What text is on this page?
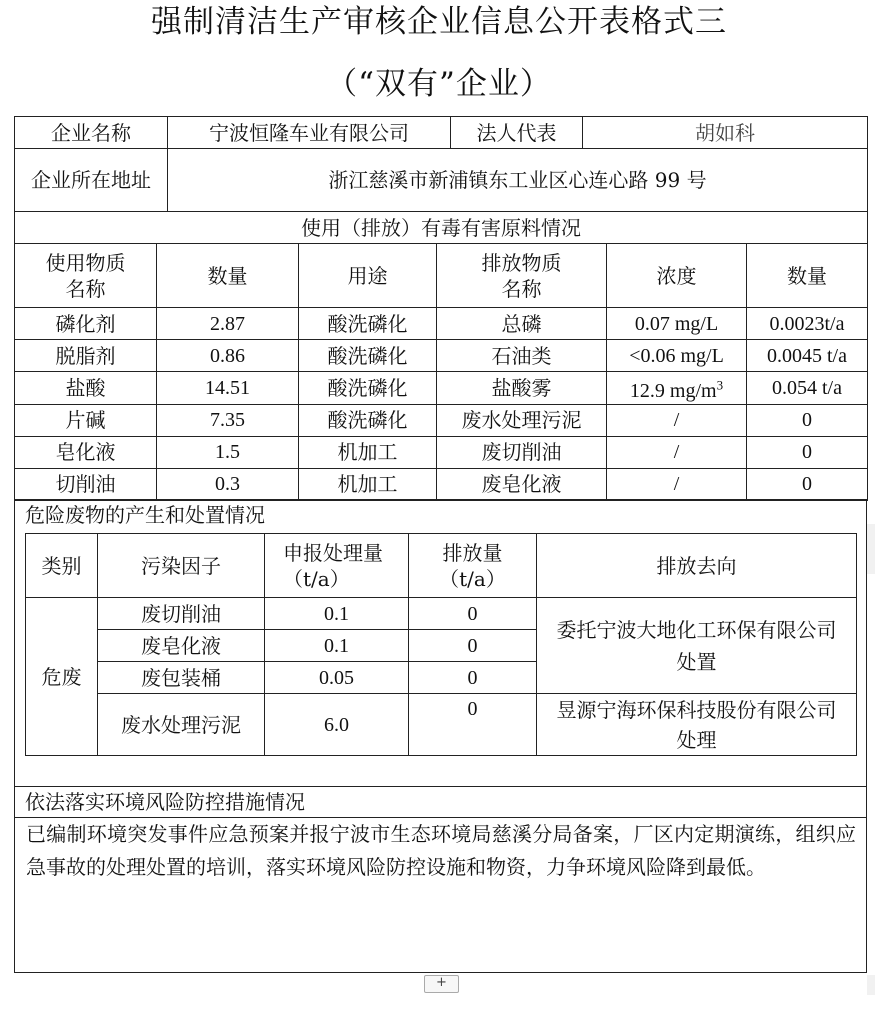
强制清洁生产审核企业信息公开表格式三
（“双有”企业）
企业名称	宁波恒隆车业有限公司	法人代表	胡如科
企业所在地址	浙江慈溪市新浦镇东工业区心连心路 99 号		
使用（排放）有毒有害原料情况			
使用物质名称	数量	用途	排放物质名称	浓度	数量
磷化剂	2.87	酸洗磷化	总磷	0.07 mg/L	0.0023t/a
脱脂剂	0.86	酸洗磷化	石油类	<0.06 mg/L	0.0045 t/a
盐酸	14.51	酸洗磷化	盐酸雾	12.9 $mg/m^3$	0.054 t/a
片碱	7.35	酸洗磷化	废水处理污泥	/	0
皂化液	1.5	机加工	废切削油	/	0
切削油	0.3	机加工	废皂化液	/	0
危险废物的产生和处置情况
类别	污染因子	申报处理量（t/a）	排放量（t/a）	排放去向
危废	废切削油	0.1	0	委托宁波大地化工环保有限公司处置
	废皂化液	0.1	0	
	废包装桶	0.05	0	
	废水处理污泥	6.0	0	昱源宁海环保科技股份有限公司处理
依法落实环境风险防控措施情况
已编制环境突发事件应急预案并报宁波市生态环境局慈溪分局备案，厂区内定期演练，组织应急事故的处理处置的培训，落实环境风险防控设施和物资，力争环境风险降到最低。
+
